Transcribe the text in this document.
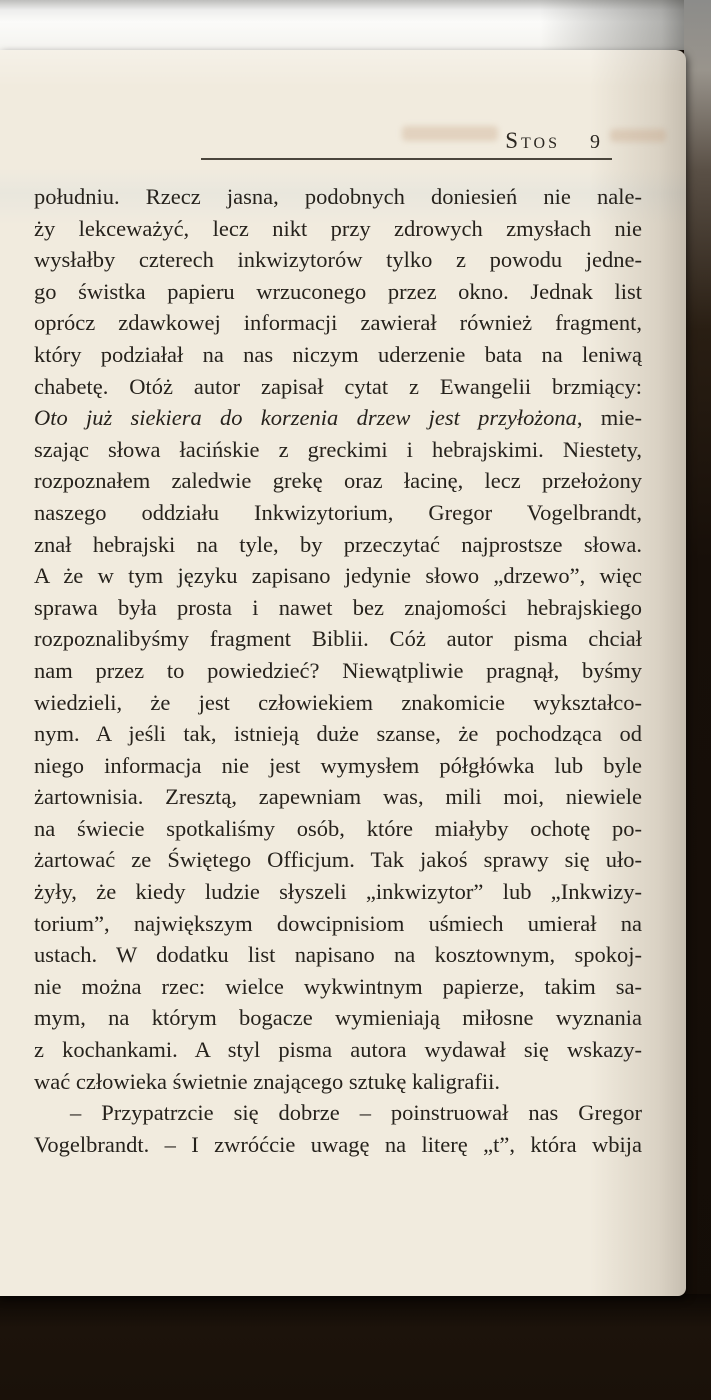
Stos 9
południu. Rzecz jasna, podobnych doniesień nie nale-
ży lekceważyć, lecz nikt przy zdrowych zmysłach nie
wysłałby czterech inkwizytorów tylko z powodu jedne-
go świstka papieru wrzuconego przez okno. Jednak list
oprócz zdawkowej informacji zawierał również fragment,
który podziałał na nas niczym uderzenie bata na leniwą
chabetę. Otóż autor zapisał cytat z Ewangelii brzmiący:
Oto już siekiera do korzenia drzew jest przyłożona, mie-
szając słowa łacińskie z greckimi i hebrajskimi. Niestety,
rozpoznałem zaledwie grekę oraz łacinę, lecz przełożony
naszego oddziału Inkwizytorium, Gregor Vogelbrandt,
znał hebrajski na tyle, by przeczytać najprostsze słowa.
A że w tym języku zapisano jedynie słowo „drzewo”, więc
sprawa była prosta i nawet bez znajomości hebrajskiego
rozpoznalibyśmy fragment Biblii. Cóż autor pisma chciał
nam przez to powiedzieć? Niewątpliwie pragnął, byśmy
wiedzieli, że jest człowiekiem znakomicie wykształco-
nym. A jeśli tak, istnieją duże szanse, że pochodząca od
niego informacja nie jest wymysłem półgłówka lub byle
żartownisia. Zresztą, zapewniam was, mili moi, niewiele
na świecie spotkaliśmy osób, które miałyby ochotę po-
żartować ze Świętego Officjum. Tak jakoś sprawy się uło-
żyły, że kiedy ludzie słyszeli „inkwizytor” lub „Inkwizy-
torium”, największym dowcipnisiom uśmiech umierał na
ustach. W dodatku list napisano na kosztownym, spokoj-
nie można rzec: wielce wykwintnym papierze, takim sa-
mym, na którym bogacze wymieniają miłosne wyznania
z kochankami. A styl pisma autora wydawał się wskazy-
wać człowieka świetnie znającego sztukę kaligrafii.
– Przypatrzcie się dobrze – poinstruował nas Gregor
Vogelbrandt. – I zwróćcie uwagę na literę „t”, która wbija
